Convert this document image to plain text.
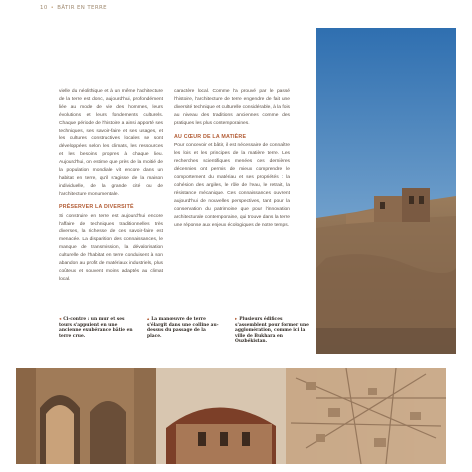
10 • BÂTIR EN TERRE

vielle du néolithique et à un même l'achitecture de la terre est donc, aujourd'hui, profondément liée au mode de vie des hommes, leurs évolutions et leurs fondements culturels. Chaque période de l'histoire a ainsi apporté ses techniques, ses savoir-faire et ses usages, et les cultures constructives locales se sont développées selon les climats, les ressources et les besoins propres à chaque lieu. Aujourd'hui, on estime que près de la moitié de la population mondiale vit encore dans un habitat en terre, qu'il s'agisse de la maison individuelle, de la grande cité ou de l'architecture monumentale.

PRÉSERVER LA DIVERSITÉ

Si construire en terre est aujourd'hui encore l'affaire de techniques traditionnelles très diverses, la richesse de ces savoir-faire est menacée. La disparition des connaissances, le manque de transmission, la dévalorisation culturelle de l'habitat en terre conduisent à son abandon au profit de matériaux industriels, plus coûteux et souvent moins adaptés au climat local.

caractère local. Comme l'a prouvé par le passé l'histoire, l'architecture de terre engendre de fait une diversité technique et culturelle considérable, à la fois au niveau des traditions anciennes comme des pratiques les plus contemporaines.

AU CŒUR DE LA MATIÈRE

Pour concevoir et bâtir, il est nécessaire de connaître les lois et les principes de la matière terre. Les recherches scientifiques menées ces dernières décennies ont permis de mieux comprendre le comportement du matériau et ses propriétés : la cohésion des argiles, le rôle de l'eau, le retrait, la résistance mécanique. Ces connaissances ouvrent aujourd'hui de nouvelles perspectives, tant pour la conservation du patrimoine que pour l'innovation architecturale contemporaine, qui trouve dans la terre une réponse aux enjeux écologiques de notre temps.

◂ Ci-contre : un mur et ses tours s'appuient en une ancienne exubérance bâtie en terre crue.
▴ La manœuvre de terre s'élargit dans une colline au-dessus du passage de la place.
▸ Plusieurs édifices s'assemblent pour former une agglomération, comme ici la ville de Bukhara en Ouzbékistan.
